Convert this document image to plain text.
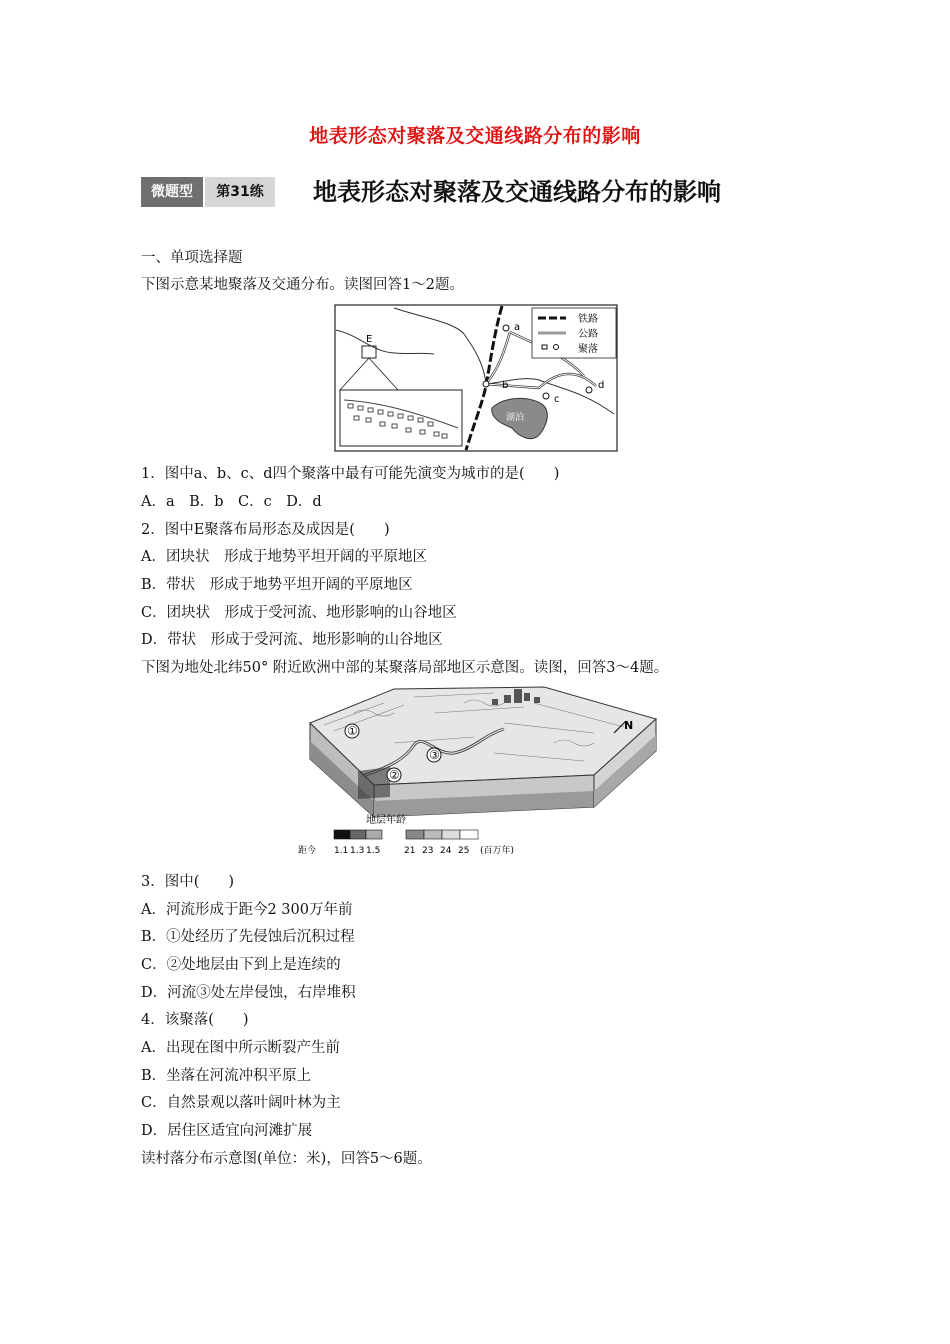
地表形态对聚落及交通线路分布的影响
微题型	第31练	地表形态对聚落及交通线路分布的影响
一、单项选择题
下图示意某地聚落及交通分布。读图回答1～2题。
湖泊
a
b
c
d
E
铁路
公路
聚落
1．图中a、b、c、d四个聚落中最有可能先演变为城市的是(　　)
A．a　B．b　C．c　D．d
2．图中E聚落布局形态及成因是(　　)
A．团块状　形成于地势平坦开阔的平原地区
B．带状　形成于地势平坦开阔的平原地区
C．团块状　形成于受河流、地形影响的山谷地区
D．带状　形成于受河流、地形影响的山谷地区
下图为地处北纬50° 附近欧洲中部的某聚落局部地区示意图。读图，回答3～4题。
①
②
③
N
地层年龄
距今 1.1 1.3 1.5	21 23 24 25 (百万年)
3．图中(　　)
A．河流形成于距今2 300万年前
B．①处经历了先侵蚀后沉积过程
C．②处地层由下到上是连续的
D．河流③处左岸侵蚀，右岸堆积
4．该聚落(　　)
A．出现在图中所示断裂产生前
B．坐落在河流冲积平原上
C．自然景观以落叶阔叶林为主
D．居住区适宜向河滩扩展
读村落分布示意图(单位：米)，回答5～6题。
